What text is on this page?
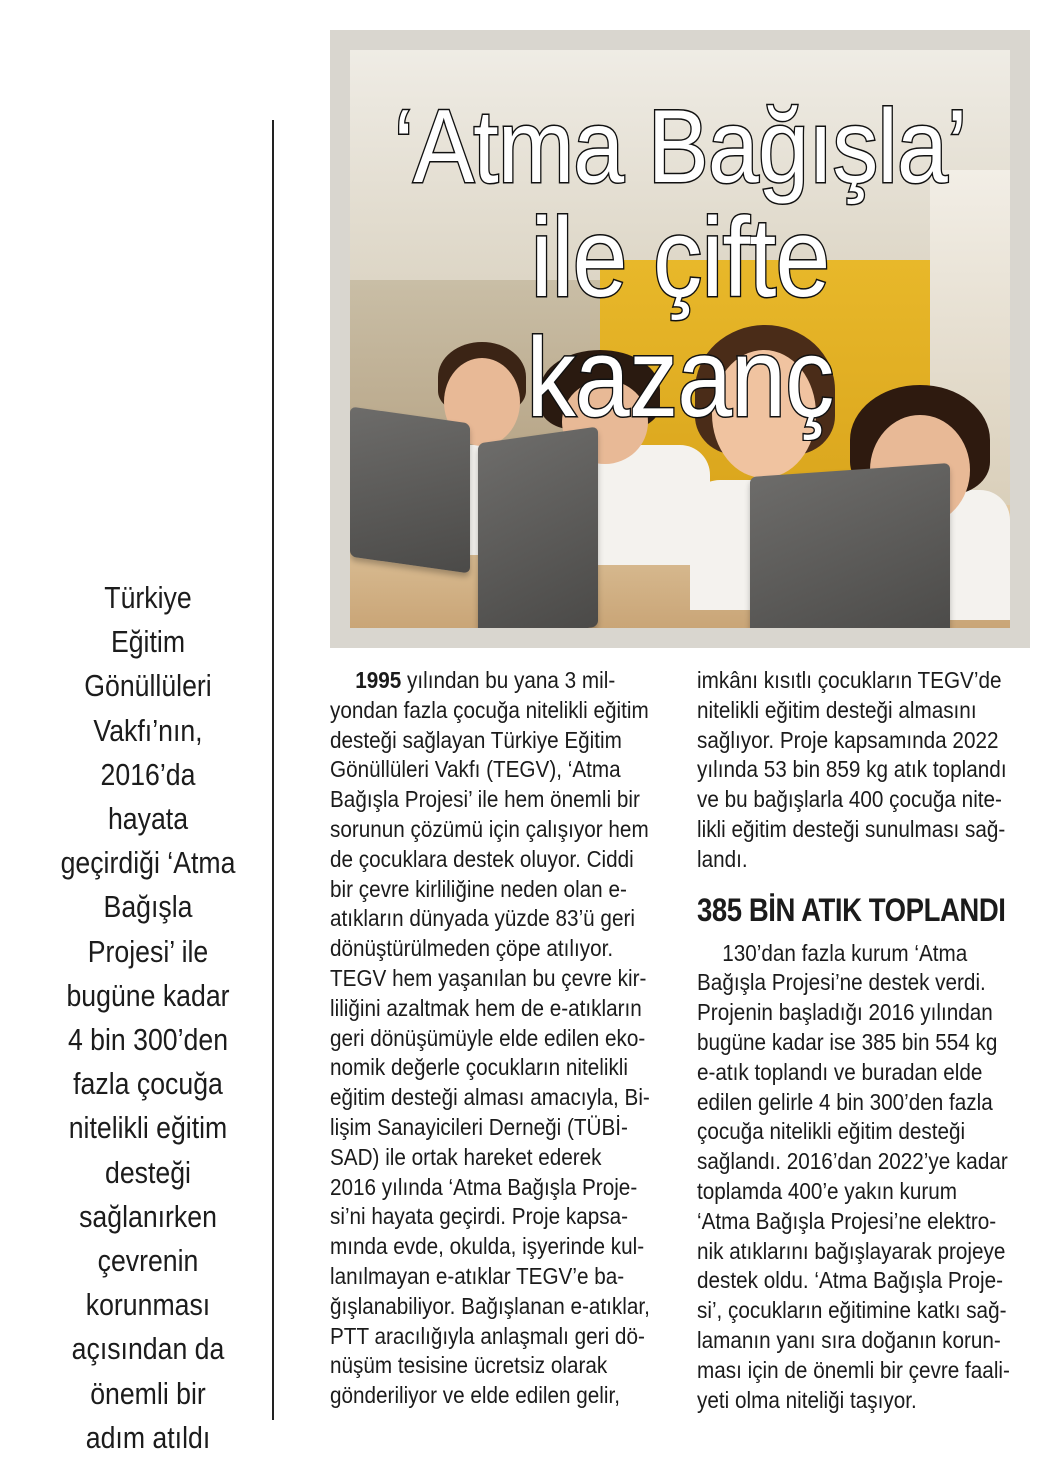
‘Atma Bağışla’
ile çifte kazanç
Türkiye
Eğitim
Gönüllüleri
Vakfı’nın,
2016’da
hayata
geçirdiği ‘Atma
Bağışla
Projesi’ ile
bugüne kadar
4 bin 300’den
fazla çocuğa
nitelikli eğitim
desteği
sağlanırken
çevrenin
korunması
açısından da
önemli bir
adım atıldı
1995 yılından bu yana 3 mil-
yondan fazla çocuğa nitelikli eğitim
desteği sağlayan Türkiye Eğitim
Gönüllüleri Vakfı (TEGV), ‘Atma
Bağışla Projesi’ ile hem önemli bir
sorunun çözümü için çalışıyor hem
de çocuklara destek oluyor. Ciddi
bir çevre kirliliğine neden olan e-
atıkların dünyada yüzde 83’ü geri
dönüştürülmeden çöpe atılıyor.
TEGV hem yaşanılan bu çevre kir-
liliğini azaltmak hem de e-atıkların
geri dönüşümüyle elde edilen eko-
nomik değerle çocukların nitelikli
eğitim desteği alması amacıyla, Bi-
lişim Sanayicileri Derneği (TÜBİ-
SAD) ile ortak hareket ederek
2016 yılında ‘Atma Bağışla Proje-
si’ni hayata geçirdi. Proje kapsa-
mında evde, okulda, işyerinde kul-
lanılmayan e-atıklar TEGV’e ba-
ğışlanabiliyor. Bağışlanan e-atıklar,
PTT aracılığıyla anlaşmalı geri dö-
nüşüm tesisine ücretsiz olarak
gönderiliyor ve elde edilen gelir,
imkânı kısıtlı çocukların TEGV’de
nitelikli eğitim desteği almasını
sağlıyor. Proje kapsamında 2022
yılında 53 bin 859 kg atık toplandı
ve bu bağışlarla 400 çocuğa nite-
likli eğitim desteği sunulması sağ-
landı.
385 BİN ATIK TOPLANDI
130’dan fazla kurum ‘Atma
Bağışla Projesi’ne destek verdi.
Projenin başladığı 2016 yılından
bugüne kadar ise 385 bin 554 kg
e-atık toplandı ve buradan elde
edilen gelirle 4 bin 300’den fazla
çocuğa nitelikli eğitim desteği
sağlandı. 2016’dan 2022’ye kadar
toplamda 400’e yakın kurum
‘Atma Bağışla Projesi’ne elektro-
nik atıklarını bağışlayarak projeye
destek oldu. ‘Atma Bağışla Proje-
si’, çocukların eğitimine katkı sağ-
lamanın yanı sıra doğanın korun-
ması için de önemli bir çevre faali-
yeti olma niteliği taşıyor.
